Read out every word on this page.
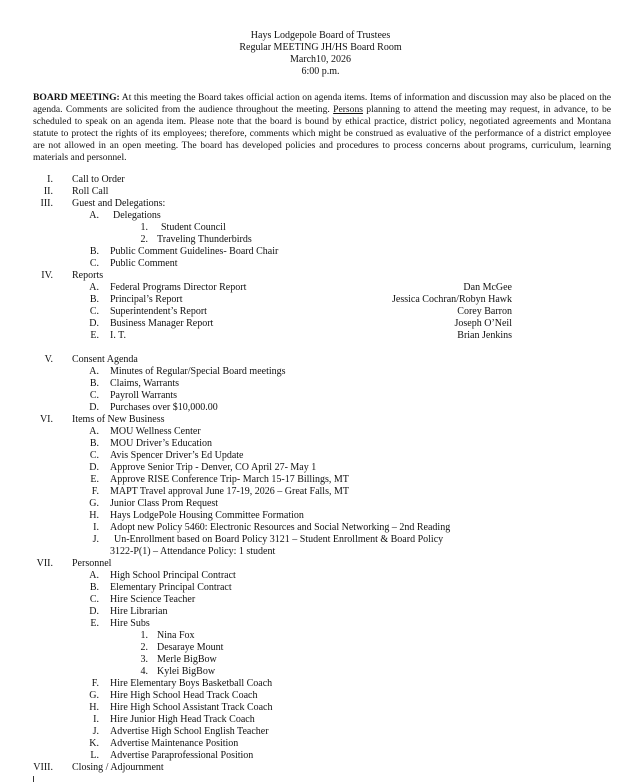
Hays Lodgepole Board of Trustees
Regular MEETING JH/HS Board Room
March10, 2026
6:00 p.m.
BOARD MEETING: At this meeting the Board takes official action on agenda items. Items of information and discussion may also be placed on the agenda. Comments are solicited from the audience throughout the meeting. Persons planning to attend the meeting may request, in advance, to be scheduled to speak on an agenda item. Please note that the board is bound by ethical practice, district policy, negotiated agreements and Montana statute to protect the rights of its employees; therefore, comments which might be construed as evaluative of the performance of a district employee are not allowed in an open meeting. The board has developed policies and procedures to process concerns about programs, curriculum, learning materials and personnel.
I. Call to Order
II. Roll Call
III. Guest and Delegations:
A. Delegations
1. Student Council
2. Traveling Thunderbirds
B. Public Comment Guidelines- Board Chair
C. Public Comment
IV. Reports
A. Federal Programs Director Report	Dan McGee
B. Principal’s Report	Jessica Cochran/Robyn Hawk
C. Superintendent’s Report	Corey Barron
D. Business Manager Report	Joseph O’Neil
E. I. T.	Brian Jenkins
V. Consent Agenda
A. Minutes of Regular/Special Board meetings
B. Claims, Warrants
C. Payroll Warrants
D. Purchases over $10,000.00
VI. Items of New Business
A. MOU Wellness Center
B. MOU Driver’s Education
C. Avis Spencer Driver’s Ed Update
D. Approve Senior Trip - Denver, CO April 27- May 1
E. Approve RISE Conference Trip- March 15-17 Billings, MT
F. MAPT Travel approval June 17-19, 2026 – Great Falls, MT
G. Junior Class Prom Request
H. Hays LodgePole Housing Committee Formation
I. Adopt new Policy 5460: Electronic Resources and Social Networking – 2nd Reading
J. Un-Enrollment based on Board Policy 3121 – Student Enrollment & Board Policy
3122-P(1) – Attendance Policy: 1 student
VII. Personnel
A. High School Principal Contract
B. Elementary Principal Contract
C. Hire Science Teacher
D. Hire Librarian
E. Hire Subs
1. Nina Fox
2. Desaraye Mount
3. Merle BigBow
4. Kylei BigBow
F. Hire Elementary Boys Basketball Coach
G. Hire High School Head Track Coach
H. Hire High School Assistant Track Coach
I. Hire Junior High Head Track Coach
J. Advertise High School English Teacher
K. Advertise Maintenance Position
L. Advertise Paraprofessional Position
VIII. Closing / Adjournment
